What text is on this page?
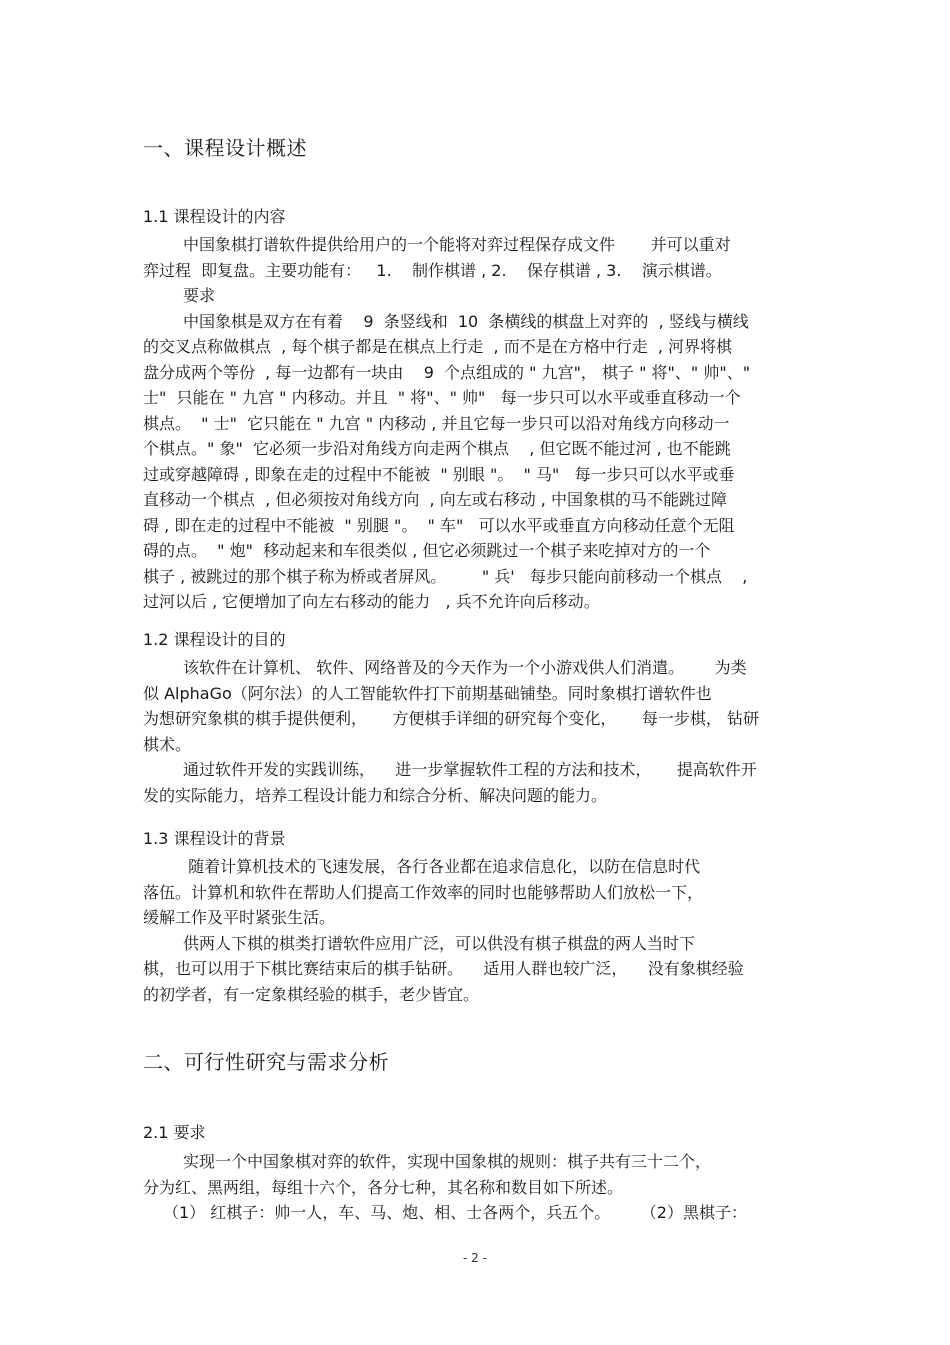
一、课程设计概述
1.1 课程设计的内容
中国象棋打谱软件提供给用户的一个能将对弈过程保存成文件       并可以重对
弈过程  即复盘。主要功能有：   1.    制作棋谱 , 2.    保存棋谱 , 3.    演示棋谱。
要求
中国象棋是双方在有着    9  条竖线和  10  条横线的棋盘上对弈的  , 竖线与横线
的交叉点称做棋点  , 每个棋子都是在棋点上行走  , 而不是在方格中行走  , 河界将棋
盘分成两个等份  , 每一边都有一块由    9  个点组成的 " 九宫"， 棋子 " 将"、" 帅"、"
士"  只能在 " 九宫 " 内移动。并且  " 将"、" 帅"   每一步只可以水平或垂直移动一个
棋点。  " 士"  它只能在 " 九宫 " 内移动 , 并且它每一步只可以沿对角线方向移动一
个棋点。" 象"  它必须一步沿对角线方向走两个棋点    , 但它既不能过河 , 也不能跳
过或穿越障碍 , 即象在走的过程中不能被  " 别眼 "。  " 马"   每一步只可以水平或垂
直移动一个棋点  , 但必须按对角线方向  , 向左或右移动 , 中国象棋的马不能跳过障
碍 , 即在走的过程中不能被  " 别腿 "。  " 车"   可以水平或垂直方向移动任意个无阻
碍的点。  " 炮"  移动起来和车很类似 , 但它必须跳过一个棋子来吃掉对方的一个
棋子 , 被跳过的那个棋子称为桥或者屏风。       " 兵'   每步只能向前移动一个棋点    ,
过河以后 , 它便增加了向左右移动的能力   , 兵不允许向后移动。
1.2 课程设计的目的
该软件在计算机、 软件、网络普及的今天作为一个小游戏供人们消遣。      为类
似 AlphaGo（阿尔法）的人工智能软件打下前期基础铺垫。同时象棋打谱软件也
为想研究象棋的棋手提供便利，     方便棋手详细的研究每个变化，     每一步棋， 钻研
棋术。
通过软件开发的实践训练，    进一步掌握软件工程的方法和技术，     提高软件开
发的实际能力，培养工程设计能力和综合分析、解决问题的能力。
1.3 课程设计的背景
随着计算机技术的飞速发展，各行各业都在追求信息化，以防在信息时代
落伍。计算机和软件在帮助人们提高工作效率的同时也能够帮助人们放松一下，
缓解工作及平时紧张生活。
供两人下棋的棋类打谱软件应用广泛，可以供没有棋子棋盘的两人当时下
棋，也可以用于下棋比赛结束后的棋手钻研。    适用人群也较广泛，    没有象棋经验
的初学者，有一定象棋经验的棋手，老少皆宜。
二、可行性研究与需求分析
2.1 要求
实现一个中国象棋对弈的软件，实现中国象棋的规则：棋子共有三十二个，
分为红、黑两组，每组十六个，各分七种，其名称和数目如下所述。
（1） 红棋子：帅一人，车、马、炮、相、士各两个，兵五个。      （2）黑棋子：
- 2 -
